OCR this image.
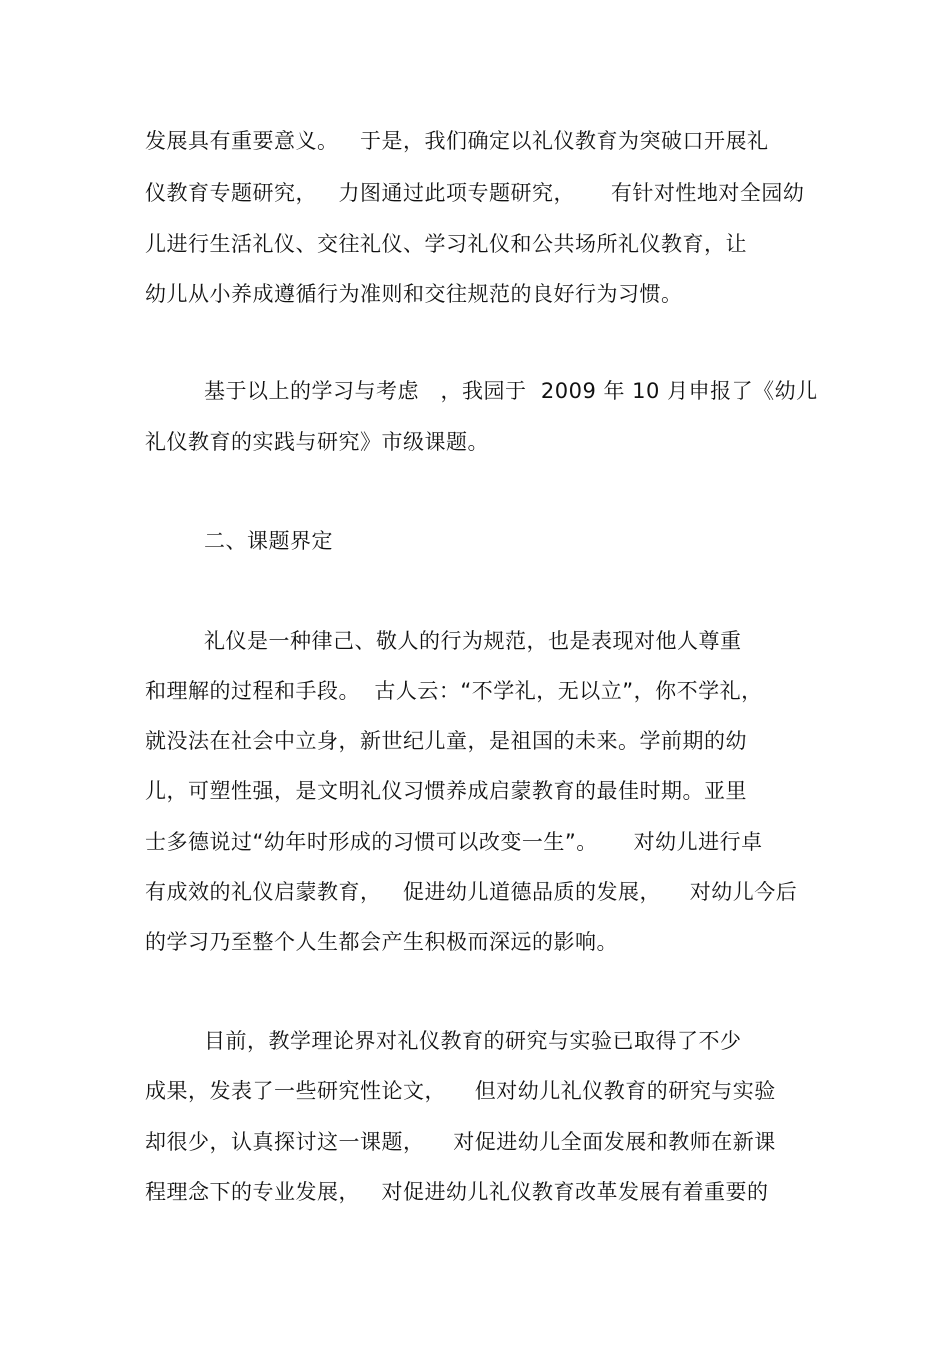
发展具有重要意义。   于是，我们确定以礼仪教育为突破口开展礼
仪教育专题研究，   力图通过此项专题研究，     有针对性地对全园幼
儿进行生活礼仪、交往礼仪、学习礼仪和公共场所礼仪教育，让
幼儿从小养成遵循行为准则和交往规范的良好行为习惯。
基于以上的学习与考虑   ，我园于  2009 年 10 月申报了《幼儿
礼仪教育的实践与研究》市级课题。
二、课题界定
礼仪是一种律己、敬人的行为规范，也是表现对他人尊重
和理解的过程和手段。  古人云：“不学礼，无以立”，你不学礼，
就没法在社会中立身，新世纪儿童，是祖国的未来。学前期的幼
儿，可塑性强，是文明礼仪习惯养成启蒙教育的最佳时期。亚里
士多德说过“幼年时形成的习惯可以改变一生”。     对幼儿进行卓
有成效的礼仪启蒙教育，   促进幼儿道德品质的发展，    对幼儿今后
的学习乃至整个人生都会产生积极而深远的影响。
目前，教学理论界对礼仪教育的研究与实验已取得了不少
成果，发表了一些研究性论文，    但对幼儿礼仪教育的研究与实验
却很少，认真探讨这一课题，    对促进幼儿全面发展和教师在新课
程理念下的专业发展，   对促进幼儿礼仪教育改革发展有着重要的
